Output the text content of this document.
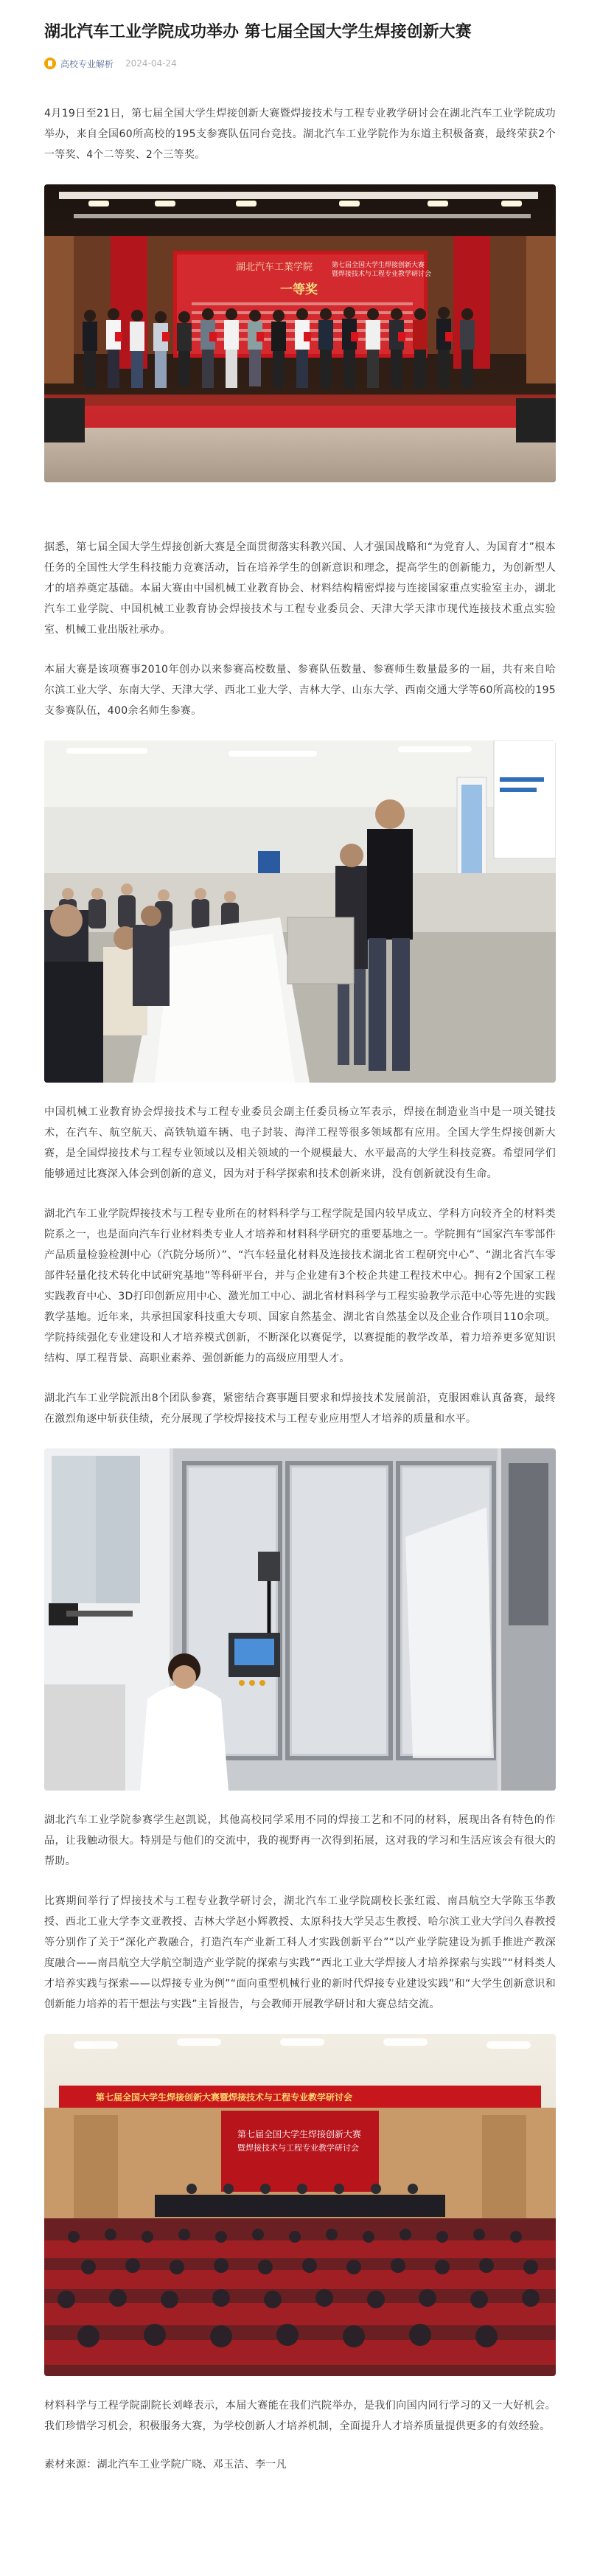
湖北汽车工业学院成功举办 第七届全国大学生焊接创新大赛
高校专业解析 2024-04-24

4月19日至21日，第七届全国大学生焊接创新大赛暨焊接技术与工程专业教学研讨会在湖北汽车工业学院成功举办，来自全国60所高校的195支参赛队伍同台竞技。湖北汽车工业学院作为东道主积极备赛，最终荣获2个一等奖、4个二等奖、2个三等奖。

湖北汽车工業学院	第七届全国大学生焊接创新大赛
暨焊接技术与工程专业教学研讨会
一等奖

据悉，第七届全国大学生焊接创新大赛是全面贯彻落实科教兴国、人才强国战略和“为党育人、为国育才”根本任务的全国性大学生科技能力竞赛活动，旨在培养学生的创新意识和理念，提高学生的创新能力，为创新型人才的培养奠定基础。本届大赛由中国机械工业教育协会、材料结构精密焊接与连接国家重点实验室主办，湖北汽车工业学院、中国机械工业教育协会焊接技术与工程专业委员会、天津大学天津市现代连接技术重点实验室、机械工业出版社承办。

本届大赛是该项赛事2010年创办以来参赛高校数量、参赛队伍数量、参赛师生数量最多的一届，共有来自哈尔滨工业大学、东南大学、天津大学、西北工业大学、吉林大学、山东大学、西南交通大学等60所高校的195支参赛队伍，400余名师生参赛。

中国机械工业教育协会焊接技术与工程专业委员会副主任委员杨立军表示，焊接在制造业当中是一项关键技术，在汽车、航空航天、高铁轨道车辆、电子封装、海洋工程等很多领域都有应用。全国大学生焊接创新大赛，是全国焊接技术与工程专业领域以及相关领域的一个规模最大、水平最高的大学生科技竞赛。希望同学们能够通过比赛深入体会到创新的意义，因为对于科学探索和技术创新来讲，没有创新就没有生命。

湖北汽车工业学院焊接技术与工程专业所在的材料科学与工程学院是国内较早成立、学科方向较齐全的材料类院系之一，也是面向汽车行业材料类专业人才培养和材料科学研究的重要基地之一。学院拥有“国家汽车零部件产品质量检验检测中心（汽院分场所）”、“汽车轻量化材料及连接技术湖北省工程研究中心”、“湖北省汽车零部件轻量化技术转化中试研究基地”等科研平台，并与企业建有3个校企共建工程技术中心。拥有2个国家工程实践教育中心、3D打印创新应用中心、激光加工中心、湖北省材料科学与工程实验教学示范中心等先进的实践教学基地。近年来，共承担国家科技重大专项、国家自然基金、湖北省自然基金以及企业合作项目110余项。学院持续强化专业建设和人才培养模式创新，不断深化以赛促学，以赛提能的教学改革，着力培养更多宽知识结构、厚工程背景、高职业素养、强创新能力的高级应用型人才。

湖北汽车工业学院派出8个团队参赛，紧密结合赛事题目要求和焊接技术发展前沿，克服困难认真备赛，最终在激烈角逐中斩获佳绩，充分展现了学校焊接技术与工程专业应用型人才培养的质量和水平。

湖北汽车工业学院参赛学生赵凯说，其他高校同学采用不同的焊接工艺和不同的材料，展现出各有特色的作品，让我触动很大。特别是与他们的交流中，我的视野再一次得到拓展，这对我的学习和生活应该会有很大的帮助。

比赛期间举行了焊接技术与工程专业教学研讨会，湖北汽车工业学院副校长张红霞、南昌航空大学陈玉华教授、西北工业大学李文亚教授、吉林大学赵小辉教授、太原科技大学吴志生教授、哈尔滨工业大学闫久春教授等分别作了关于“深化产教融合，打造汽车产业新工科人才实践创新平台”“以产业学院建设为抓手推进产教深度融合——南昌航空大学航空制造产业学院的探索与实践”“西北工业大学焊接人才培养探索与实践”“材料类人才培养实践与探索——以焊接专业为例”“面向重型机械行业的新时代焊接专业建设实践”和“大学生创新意识和创新能力培养的若干想法与实践”主旨报告，与会教师开展教学研讨和大赛总结交流。

第七届全国大学生焊接创新大赛暨焊接技术与工程专业教学研讨会
第七届全国大学生焊接创新大赛
暨焊接技术与工程专业教学研讨会

材料科学与工程学院副院长刘峰表示，本届大赛能在我们汽院举办，是我们向国内同行学习的又一大好机会。我们珍惜学习机会，积极服务大赛，为学校创新人才培养机制，全面提升人才培养质量提供更多的有效经验。

素材来源：湖北汽车工业学院广晓、邓玉洁、李一凡
